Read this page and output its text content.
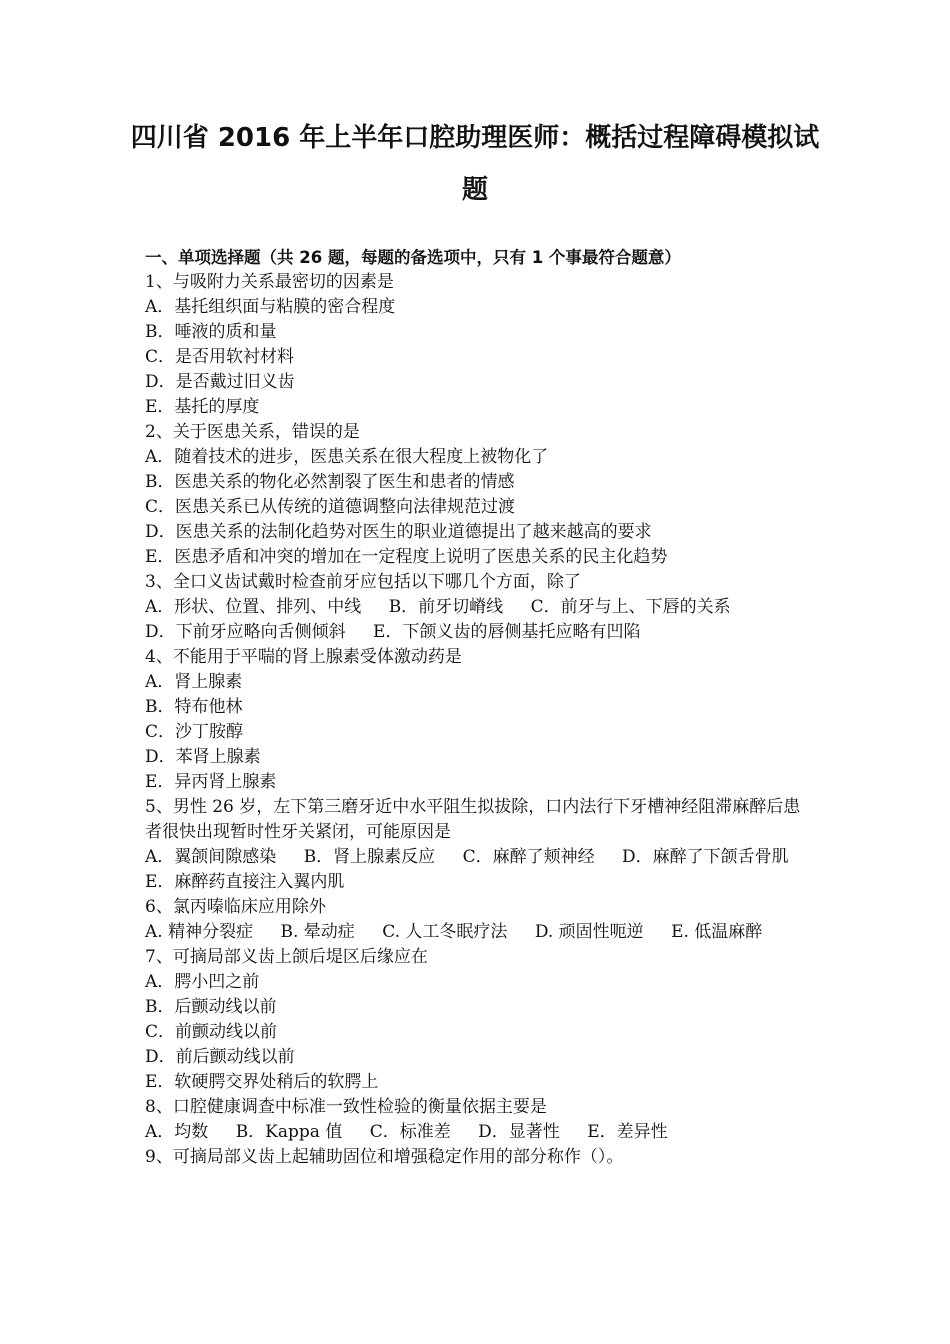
四川省 2016 年上半年口腔助理医师：概括过程障碍模拟试
题

一、单项选择题（共 26 题，每题的备选项中，只有 1 个事最符合题意）

1、与吸附力关系最密切的因素是

A．基托组织面与粘膜的密合程度

B．唾液的质和量

C．是否用软衬材料

D．是否戴过旧义齿

E．基托的厚度

2、关于医患关系，错误的是

A．随着技术的进步，医患关系在很大程度上被物化了

B．医患关系的物化必然割裂了医生和患者的情感

C．医患关系已从传统的道德调整向法律规范过渡

D．医患关系的法制化趋势对医生的职业道德提出了越来越高的要求

E．医患矛盾和冲突的增加在一定程度上说明了医患关系的民主化趋势

3、全口义齿试戴时检查前牙应包括以下哪几个方面，除了

A．形状、位置、排列、中线 B．前牙切嵴线 C．前牙与上、下唇的关系

D．下前牙应略向舌侧倾斜 E．下颌义齿的唇侧基托应略有凹陷

4、不能用于平喘的肾上腺素受体激动药是

A．肾上腺素

B．特布他林

C．沙丁胺醇

D．苯肾上腺素

E．异丙肾上腺素

5、男性 26 岁，左下第三磨牙近中水平阻生拟拔除，口内法行下牙槽神经阻滞麻醉后患者很快出现暂时性牙关紧闭，可能原因是

A．翼颌间隙感染 B．肾上腺素反应 C．麻醉了颊神经 D．麻醉了下颌舌骨肌 E．麻醉药直接注入翼内肌

6、氯丙嗪临床应用除外

A. 精神分裂症 B. 晕动症 C. 人工冬眠疗法 D. 顽固性呃逆 E. 低温麻醉

7、可摘局部义齿上颌后堤区后缘应在

A．腭小凹之前

B．后颤动线以前

C．前颤动线以前

D．前后颤动线以前

E．软硬腭交界处稍后的软腭上

8、口腔健康调查中标准一致性检验的衡量依据主要是

A．均数 B．Kappa 值 C．标准差 D．显著性 E．差异性

9、可摘局部义齿上起辅助固位和增强稳定作用的部分称作（）。
